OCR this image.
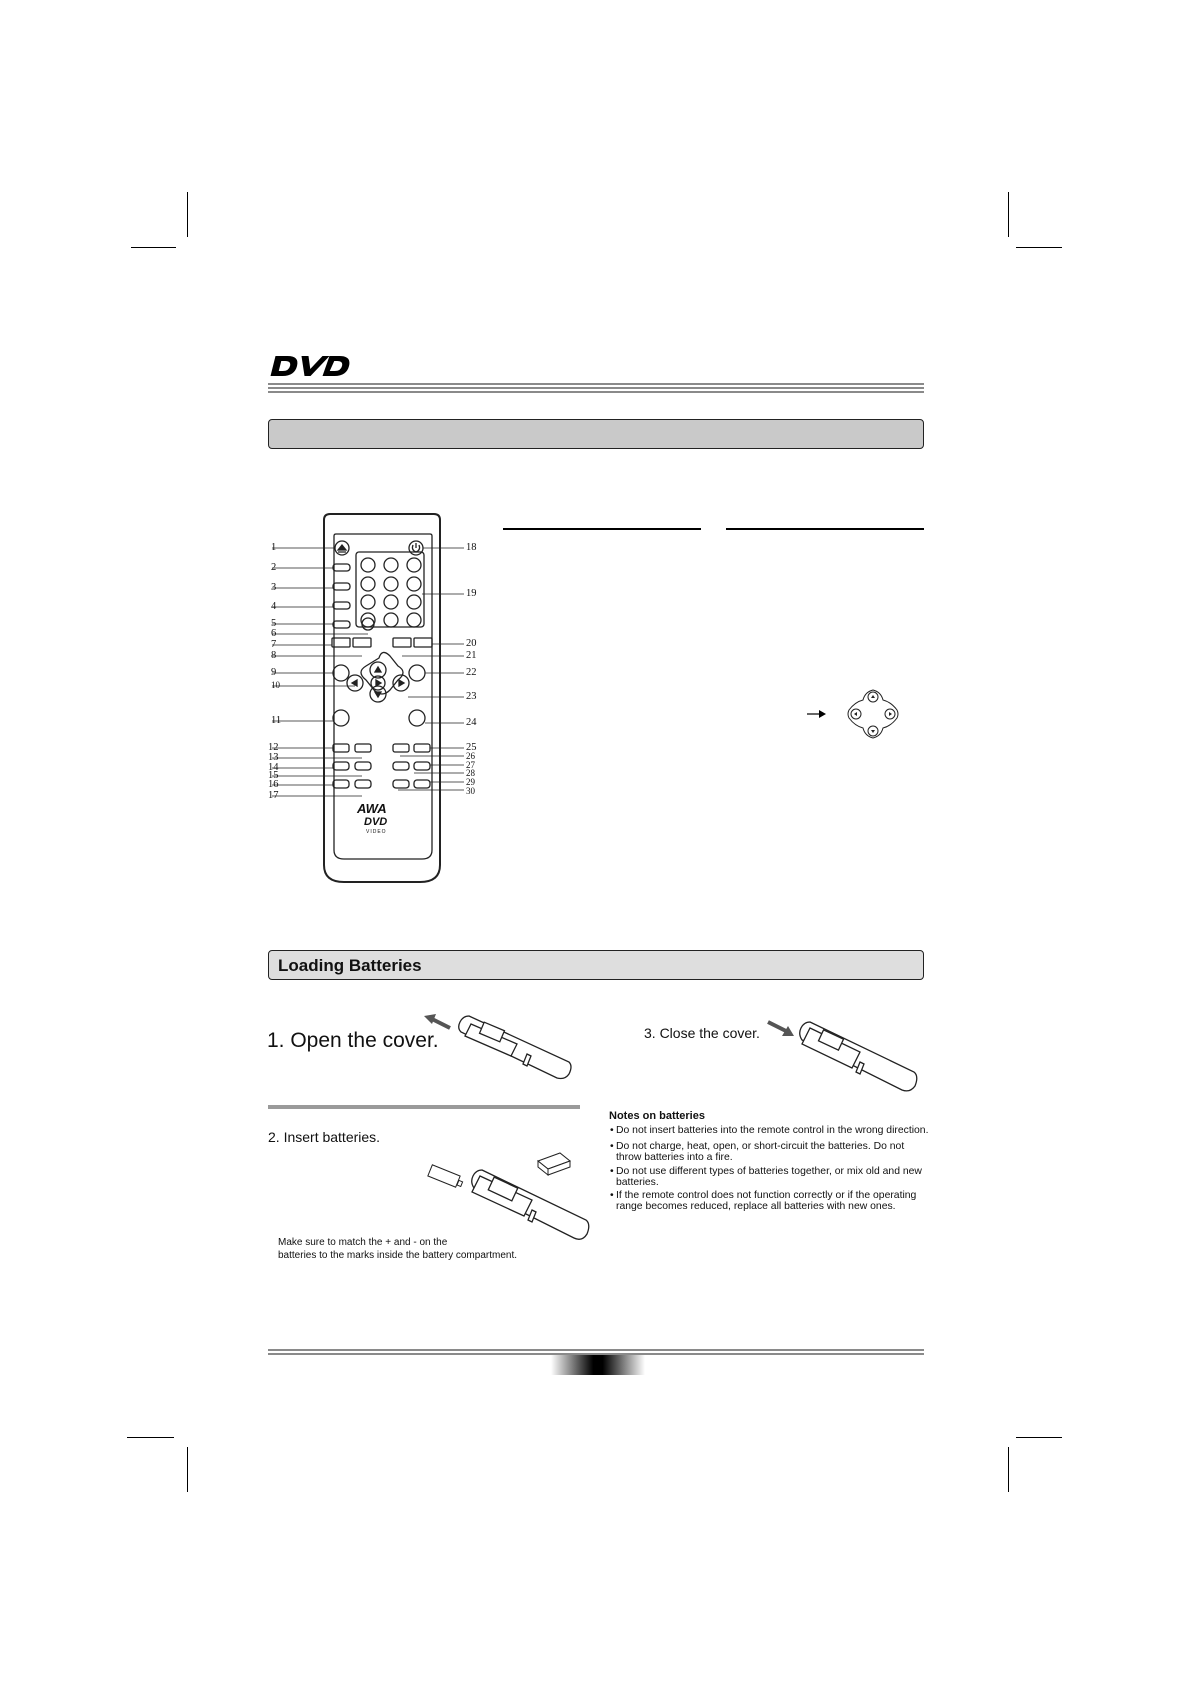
AWA
DVD
VIDEO
1
2
3
4
5
6
7
8
9
10
11
12
13
14
15
16
17
18
19
20
21
22
23
24
25
26
27
28
29
30
Loading Batteries
1. Open the cover.	3. Close the cover.
2. Insert batteries.
Make sure to match the + and - on the
batteries to the marks inside the battery compartment.
Notes on batteries
• Do not insert batteries into the remote control in the wrong direction.
• Do not charge, heat, open, or short-circuit the batteries. Do not
throw batteries into a fire.
• Do not use different types of batteries together, or mix old and new
batteries.
• If the remote control does not function correctly or if the operating
range becomes reduced, replace all batteries with new ones.
